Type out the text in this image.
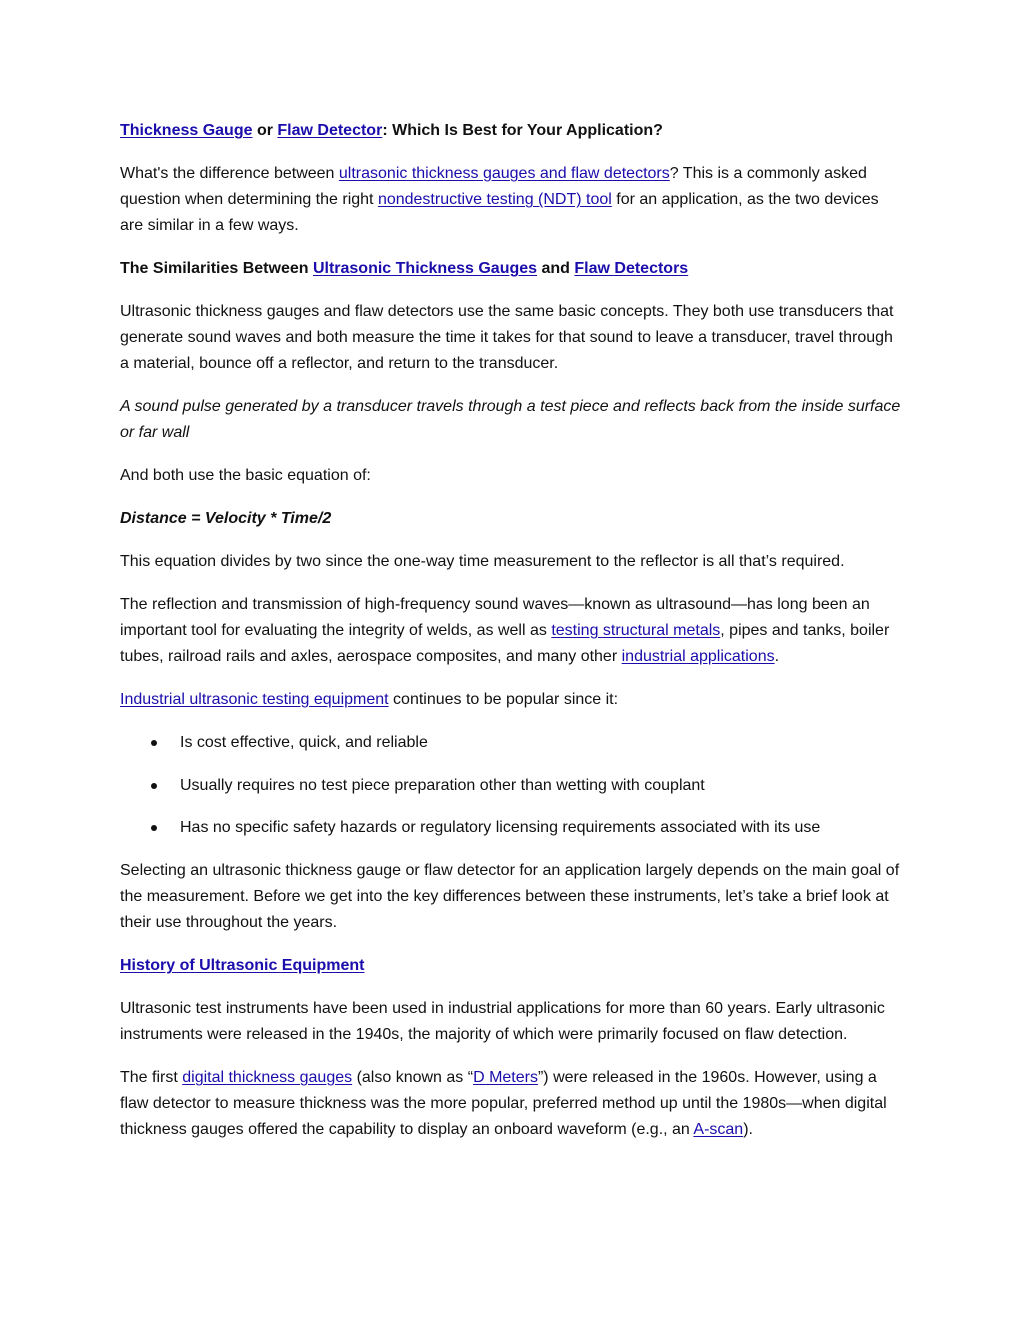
Thickness Gauge or Flaw Detector: Which Is Best for Your Application?

What's the difference between ultrasonic thickness gauges and flaw detectors? This is a commonly asked question when determining the right nondestructive testing (NDT) tool for an application, as the two devices are similar in a few ways.

The Similarities Between Ultrasonic Thickness Gauges and Flaw Detectors

Ultrasonic thickness gauges and flaw detectors use the same basic concepts. They both use transducers that generate sound waves and both measure the time it takes for that sound to leave a transducer, travel through a material, bounce off a reflector, and return to the transducer.

A sound pulse generated by a transducer travels through a test piece and reflects back from the inside surface or far wall

And both use the basic equation of:

Distance = Velocity * Time/2

This equation divides by two since the one-way time measurement to the reflector is all that’s required.

The reflection and transmission of high-frequency sound waves—known as ultrasound—has long been an important tool for evaluating the integrity of welds, as well as testing structural metals, pipes and tanks, boiler tubes, railroad rails and axles, aerospace composites, and many other industrial applications.

Industrial ultrasonic testing equipment continues to be popular since it:

Is cost effective, quick, and reliable
Usually requires no test piece preparation other than wetting with couplant
Has no specific safety hazards or regulatory licensing requirements associated with its use

Selecting an ultrasonic thickness gauge or flaw detector for an application largely depends on the main goal of the measurement. Before we get into the key differences between these instruments, let’s take a brief look at their use throughout the years.

History of Ultrasonic Equipment

Ultrasonic test instruments have been used in industrial applications for more than 60 years. Early ultrasonic instruments were released in the 1940s, the majority of which were primarily focused on flaw detection.

The first digital thickness gauges (also known as “D Meters”) were released in the 1960s. However, using a flaw detector to measure thickness was the more popular, preferred method up until the 1980s—when digital thickness gauges offered the capability to display an onboard waveform (e.g., an A-scan).
